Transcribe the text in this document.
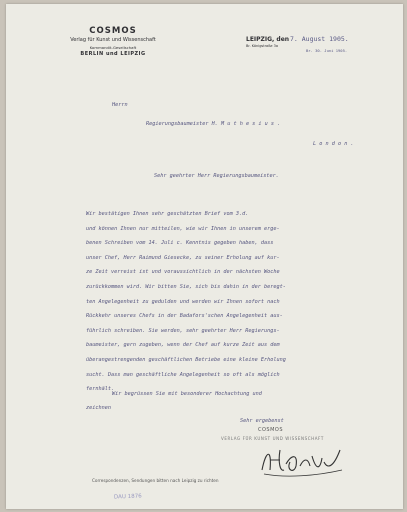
COSMOS
Verlag für Kunst und Wissenschaft
Kommandit-Gesellschaft
BERLIN und LEIPZIG
LEIPZIG, den
Br. Königstraße 3a
7. August 1905.
Br. 30. Juni 1905.
Herrn
Regierungsbaumeister H. M u t h e s i u s .
L o n d o n .
Sehr geehrter Herr Regierungsbaumeister.
Wir bestätigen Ihnen sehr geschätzten Brief vom 3.d.
und können Ihnen nur mitteilen, wie wir Ihnen in unserem erge-
benen Schreiben vom 14. Juli c. Kenntnis gegeben haben, dass
unser Chef, Herr Raimund Giesecke, zu seiner Erholung auf kur-
ze Zeit verreist ist und voraussichtlich in der nächsten Woche
zurückkommen wird. Wir bitten Sie, sich bis dahin in der beregt-
ten Angelegenheit zu gedulden und werden wir Ihnen sofort nach
Rückkehr unseres Chefs in der Badafors'schen Angelegenheit aus-
führlich schreiben. Sie werden, sehr geehrter Herr Regierungs-
baumeister, gern zugeben, wenn der Chef auf kurze Zeit aus dem
überangestrengenden geschäftlichen Betriebe eine kleine Erholung
sucht. Dass man geschäftliche Angelegenheit so oft als möglich
fernhält.
Wir begrüssen Sie mit besonderer Hochachtung und
zeichnen
Sehr ergebenst
COSMOS
VERLAG FÜR KUNST UND WISSENSCHAFT
Correspondenzen, Sendungen bitten nach Leipzig zu richten
DAU 1876
